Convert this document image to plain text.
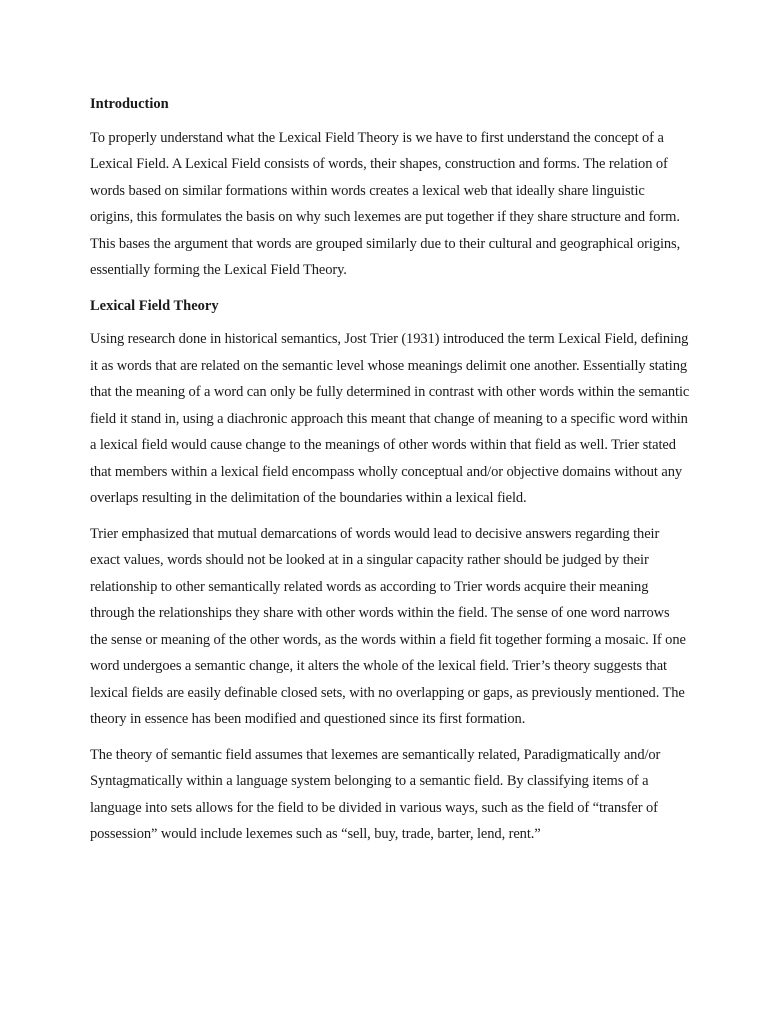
Introduction

To properly understand what the Lexical Field Theory is we have to first understand the concept of a Lexical Field. A Lexical Field consists of words, their shapes, construction and forms. The relation of words based on similar formations within words creates a lexical web that ideally share linguistic origins, this formulates the basis on why such lexemes are put together if they share structure and form. This bases the argument that words are grouped similarly due to their cultural and geographical origins, essentially forming the Lexical Field Theory.

Lexical Field Theory

Using research done in historical semantics, Jost Trier (1931) introduced the term Lexical Field, defining it as words that are related on the semantic level whose meanings delimit one another. Essentially stating that the meaning of a word can only be fully determined in contrast with other words within the semantic field it stand in, using a diachronic approach this meant that change of meaning to a specific word within a lexical field would cause change to the meanings of other words within that field as well. Trier stated that members within a lexical field encompass wholly conceptual and/or objective domains without any overlaps resulting in the delimitation of the boundaries within a lexical field.

Trier emphasized that mutual demarcations of words would lead to decisive answers regarding their exact values, words should not be looked at in a singular capacity rather should be judged by their relationship to other semantically related words as according to Trier words acquire their meaning through the relationships they share with other words within the field. The sense of one word narrows the sense or meaning of the other words, as the words within a field fit together forming a mosaic. If one word undergoes a semantic change, it alters the whole of the lexical field. Trier’s theory suggests that lexical fields are easily definable closed sets, with no overlapping or gaps, as previously mentioned. The theory in essence has been modified and questioned since its first formation.

The theory of semantic field assumes that lexemes are semantically related, Paradigmatically and/or Syntagmatically within a language system belonging to a semantic field. By classifying items of a language into sets allows for the field to be divided in various ways, such as the field of “transfer of possession” would include lexemes such as “sell, buy, trade, barter, lend, rent.”
